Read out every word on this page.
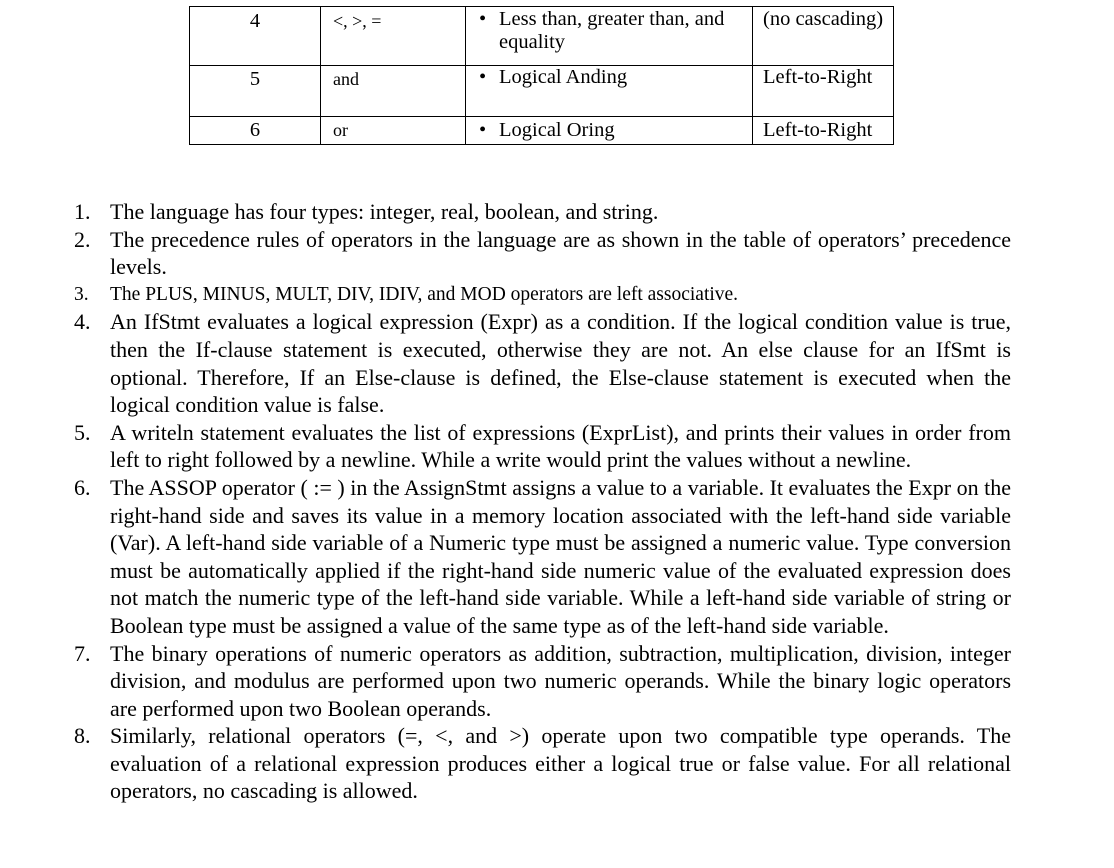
4	<, >, =	• Less than, greater than, and equality	(no cascading)
5	and	• Logical Anding	Left-to-Right
6	or	• Logical Oring	Left-to-Right
1. The language has four types: integer, real, boolean, and string.
2. The precedence rules of operators in the language are as shown in the table of operators’ precedence levels.
3.	The PLUS, MINUS, MULT, DIV, IDIV, and MOD operators are left associative.
4. An IfStmt evaluates a logical expression (Expr) as a condition. If the logical condition value is true, then the If-clause statement is executed, otherwise they are not. An else clause for an IfSmt is optional. Therefore, If an Else-clause is defined, the Else-clause statement is executed when the logical condition value is false.
5. A writeln statement evaluates the list of expressions (ExprList), and prints their values in order from left to right followed by a newline. While a write would print the values without a newline.
6. The ASSOP operator ( := ) in the AssignStmt assigns a value to a variable. It evaluates the Expr on the right-hand side and saves its value in a memory location associated with the left-hand side variable (Var). A left-hand side variable of a Numeric type must be assigned a numeric value. Type conversion must be automatically applied if the right-hand side numeric value of the evaluated expression does not match the numeric type of the left-hand side variable. While a left-hand side variable of string or Boolean type must be assigned a value of the same type as of the left-hand side variable.
7. The binary operations of numeric operators as addition, subtraction, multiplication, division, integer division, and modulus are performed upon two numeric operands. While the binary logic operators are performed upon two Boolean operands.
8. Similarly, relational operators (=, <, and >) operate upon two compatible type operands. The evaluation of a relational expression produces either a logical true or false value. For all relational operators, no cascading is allowed.
